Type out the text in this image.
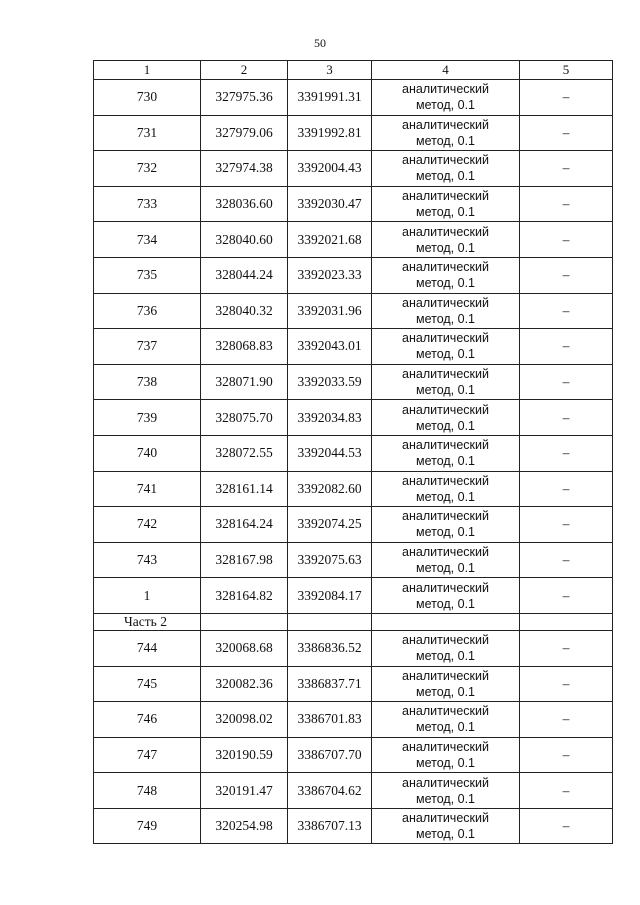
50
1	2	3	4	5
730	327975.36	3391991.31	аналитический
метод, 0.1	–
731	327979.06	3391992.81	аналитический
метод, 0.1	–
732	327974.38	3392004.43	аналитический
метод, 0.1	–
733	328036.60	3392030.47	аналитический
метод, 0.1	–
734	328040.60	3392021.68	аналитический
метод, 0.1	–
735	328044.24	3392023.33	аналитический
метод, 0.1	–
736	328040.32	3392031.96	аналитический
метод, 0.1	–
737	328068.83	3392043.01	аналитический
метод, 0.1	–
738	328071.90	3392033.59	аналитический
метод, 0.1	–
739	328075.70	3392034.83	аналитический
метод, 0.1	–
740	328072.55	3392044.53	аналитический
метод, 0.1	–
741	328161.14	3392082.60	аналитический
метод, 0.1	–
742	328164.24	3392074.25	аналитический
метод, 0.1	–
743	328167.98	3392075.63	аналитический
метод, 0.1	–
1	328164.82	3392084.17	аналитический
метод, 0.1	–
Часть 2				
744	320068.68	3386836.52	аналитический
метод, 0.1	–
745	320082.36	3386837.71	аналитический
метод, 0.1	–
746	320098.02	3386701.83	аналитический
метод, 0.1	–
747	320190.59	3386707.70	аналитический
метод, 0.1	–
748	320191.47	3386704.62	аналитический
метод, 0.1	–
749	320254.98	3386707.13	аналитический
метод, 0.1	–
